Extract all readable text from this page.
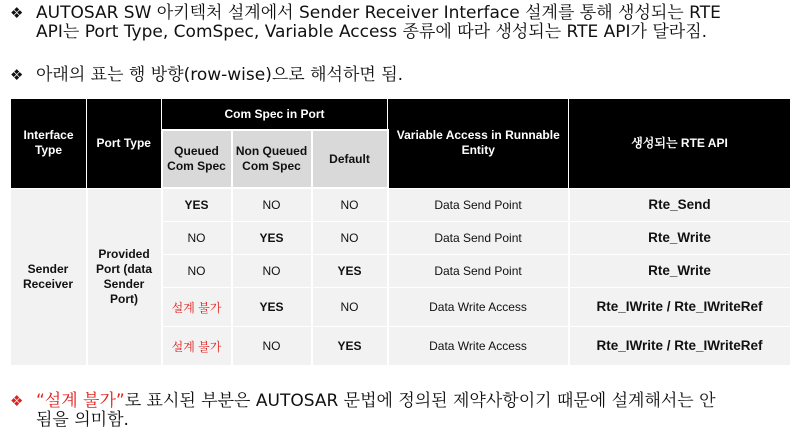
❖ AUTOSAR SW 아키텍처 설계에서 Sender Receiver Interface 설계를 통해 생성되는 RTE
API는 Port Type, ComSpec, Variable Access 종류에 따라 생성되는 RTE API가 달라짐.
❖ 아래의 표는 행 방향(row-wise)으로 해석하면 됨.
Interface Type	Port Type	Com Spec in Port			Variable Access in Runnable Entity	생성되는 RTE API
		Queued Com Spec	Non Queued Com Spec	Default		
Sender Receiver	Provided Port (data Sender Port)	YES	NO	NO	Data Send Point	Rte_Send
		NO	YES	NO	Data Send Point	Rte_Write
		NO	NO	YES	Data Send Point	Rte_Write
		설계 불가	YES	NO	Data Write Access	Rte_IWrite / Rte_IWriteRef
		설계 불가	NO	YES	Data Write Access	Rte_IWrite / Rte_IWriteRef
❖ “설계 불가”로 표시된 부분은 AUTOSAR 문법에 정의된 제약사항이기 때문에 설계해서는 안
됨을 의미함.
